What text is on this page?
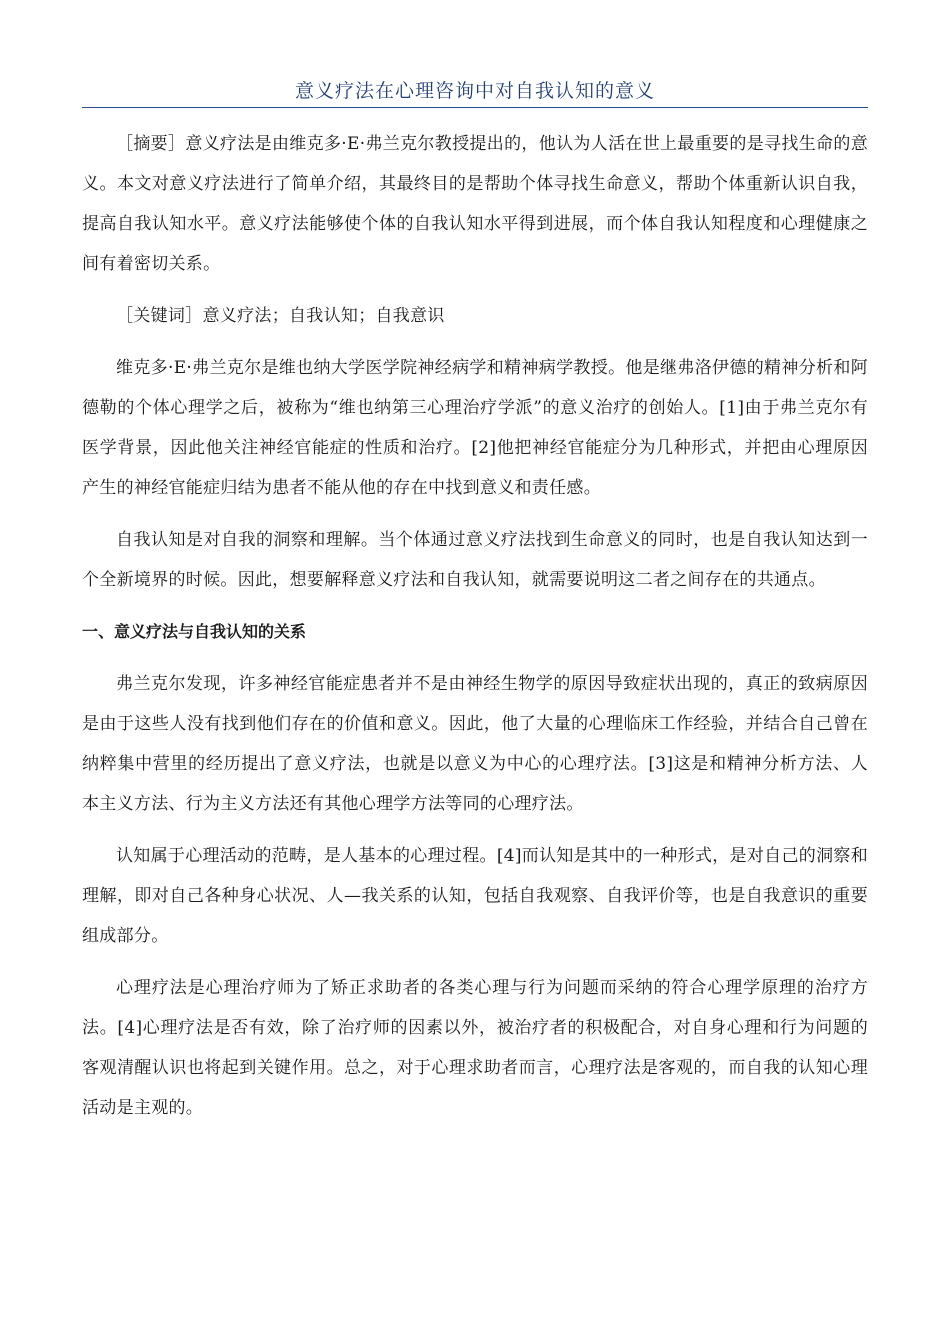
意义疗法在心理咨询中对自我认知的意义

［摘要］意义疗法是由维克多·E·弗兰克尔教授提出的，他认为人活在世上最重要的是寻找生命的意义。本文对意义疗法进行了简单介绍，其最终目的是帮助个体寻找生命意义，帮助个体重新认识自我，提高自我认知水平。意义疗法能够使个体的自我认知水平得到进展，而个体自我认知程度和心理健康之间有着密切关系。

［关键词］意义疗法；自我认知；自我意识

维克多·E·弗兰克尔是维也纳大学医学院神经病学和精神病学教授。他是继弗洛伊德的精神分析和阿德勒的个体心理学之后，被称为“维也纳第三心理治疗学派”的意义治疗的创始人。[1]由于弗兰克尔有医学背景，因此他关注神经官能症的性质和治疗。[2]他把神经官能症分为几种形式，并把由心理原因产生的神经官能症归结为患者不能从他的存在中找到意义和责任感。

自我认知是对自我的洞察和理解。当个体通过意义疗法找到生命意义的同时，也是自我认知达到一个全新境界的时候。因此，想要解释意义疗法和自我认知，就需要说明这二者之间存在的共通点。

一、意义疗法与自我认知的关系

弗兰克尔发现，许多神经官能症患者并不是由神经生物学的原因导致症状出现的，真正的致病原因是由于这些人没有找到他们存在的价值和意义。因此，他了大量的心理临床工作经验，并结合自己曾在纳粹集中营里的经历提出了意义疗法，也就是以意义为中心的心理疗法。[3]这是和精神分析方法、人本主义方法、行为主义方法还有其他心理学方法等同的心理疗法。

认知属于心理活动的范畴，是人基本的心理过程。[4]而认知是其中的一种形式，是对自己的洞察和理解，即对自己各种身心状况、人—我关系的认知，包括自我观察、自我评价等，也是自我意识的重要组成部分。

心理疗法是心理治疗师为了矫正求助者的各类心理与行为问题而采纳的符合心理学原理的治疗方法。[4]心理疗法是否有效，除了治疗师的因素以外，被治疗者的积极配合，对自身心理和行为问题的客观清醒认识也将起到关键作用。总之，对于心理求助者而言，心理疗法是客观的，而自我的认知心理活动是主观的。
